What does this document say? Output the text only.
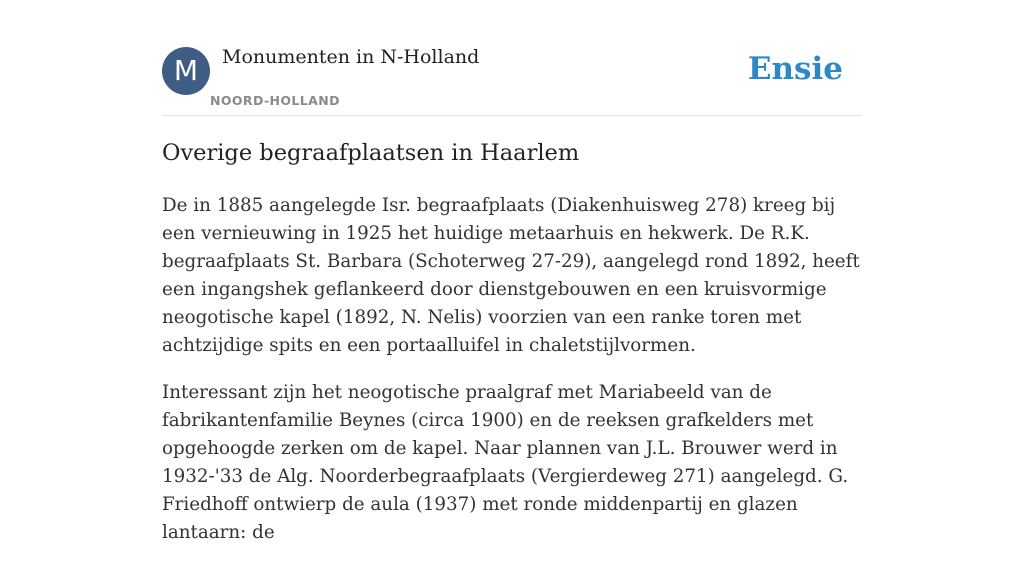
M	Monumenten in N-Holland
NOORD-HOLLAND
Ensie
Overige begraafplaatsen in Haarlem

De in 1885 aangelegde Isr. begraafplaats (Diakenhuisweg 278) kreeg bij een vernieuwing in 1925 het huidige metaarhuis en hekwerk. De R.K. begraafplaats St. Barbara (Schoterweg 27-29), aangelegd rond 1892, heeft een ingangshek geflankeerd door dienstgebouwen en een kruisvormige neogotische kapel (1892, N. Nelis) voorzien van een ranke toren met achtzijdige spits en een portaalluifel in chaletstijlvormen.

Interessant zijn het neogotische praalgraf met Mariabeeld van de fabrikantenfamilie Beynes (circa 1900) en de reeksen grafkelders met opgehoogde zerken om de kapel. Naar plannen van J.L. Brouwer werd in 1932-'33 de Alg. Noorderbegraafplaats (Vergierdeweg 271) aangelegd. G. Friedhoff ontwierp de aula (1937) met ronde middenpartij en glazen lantaarn: de
